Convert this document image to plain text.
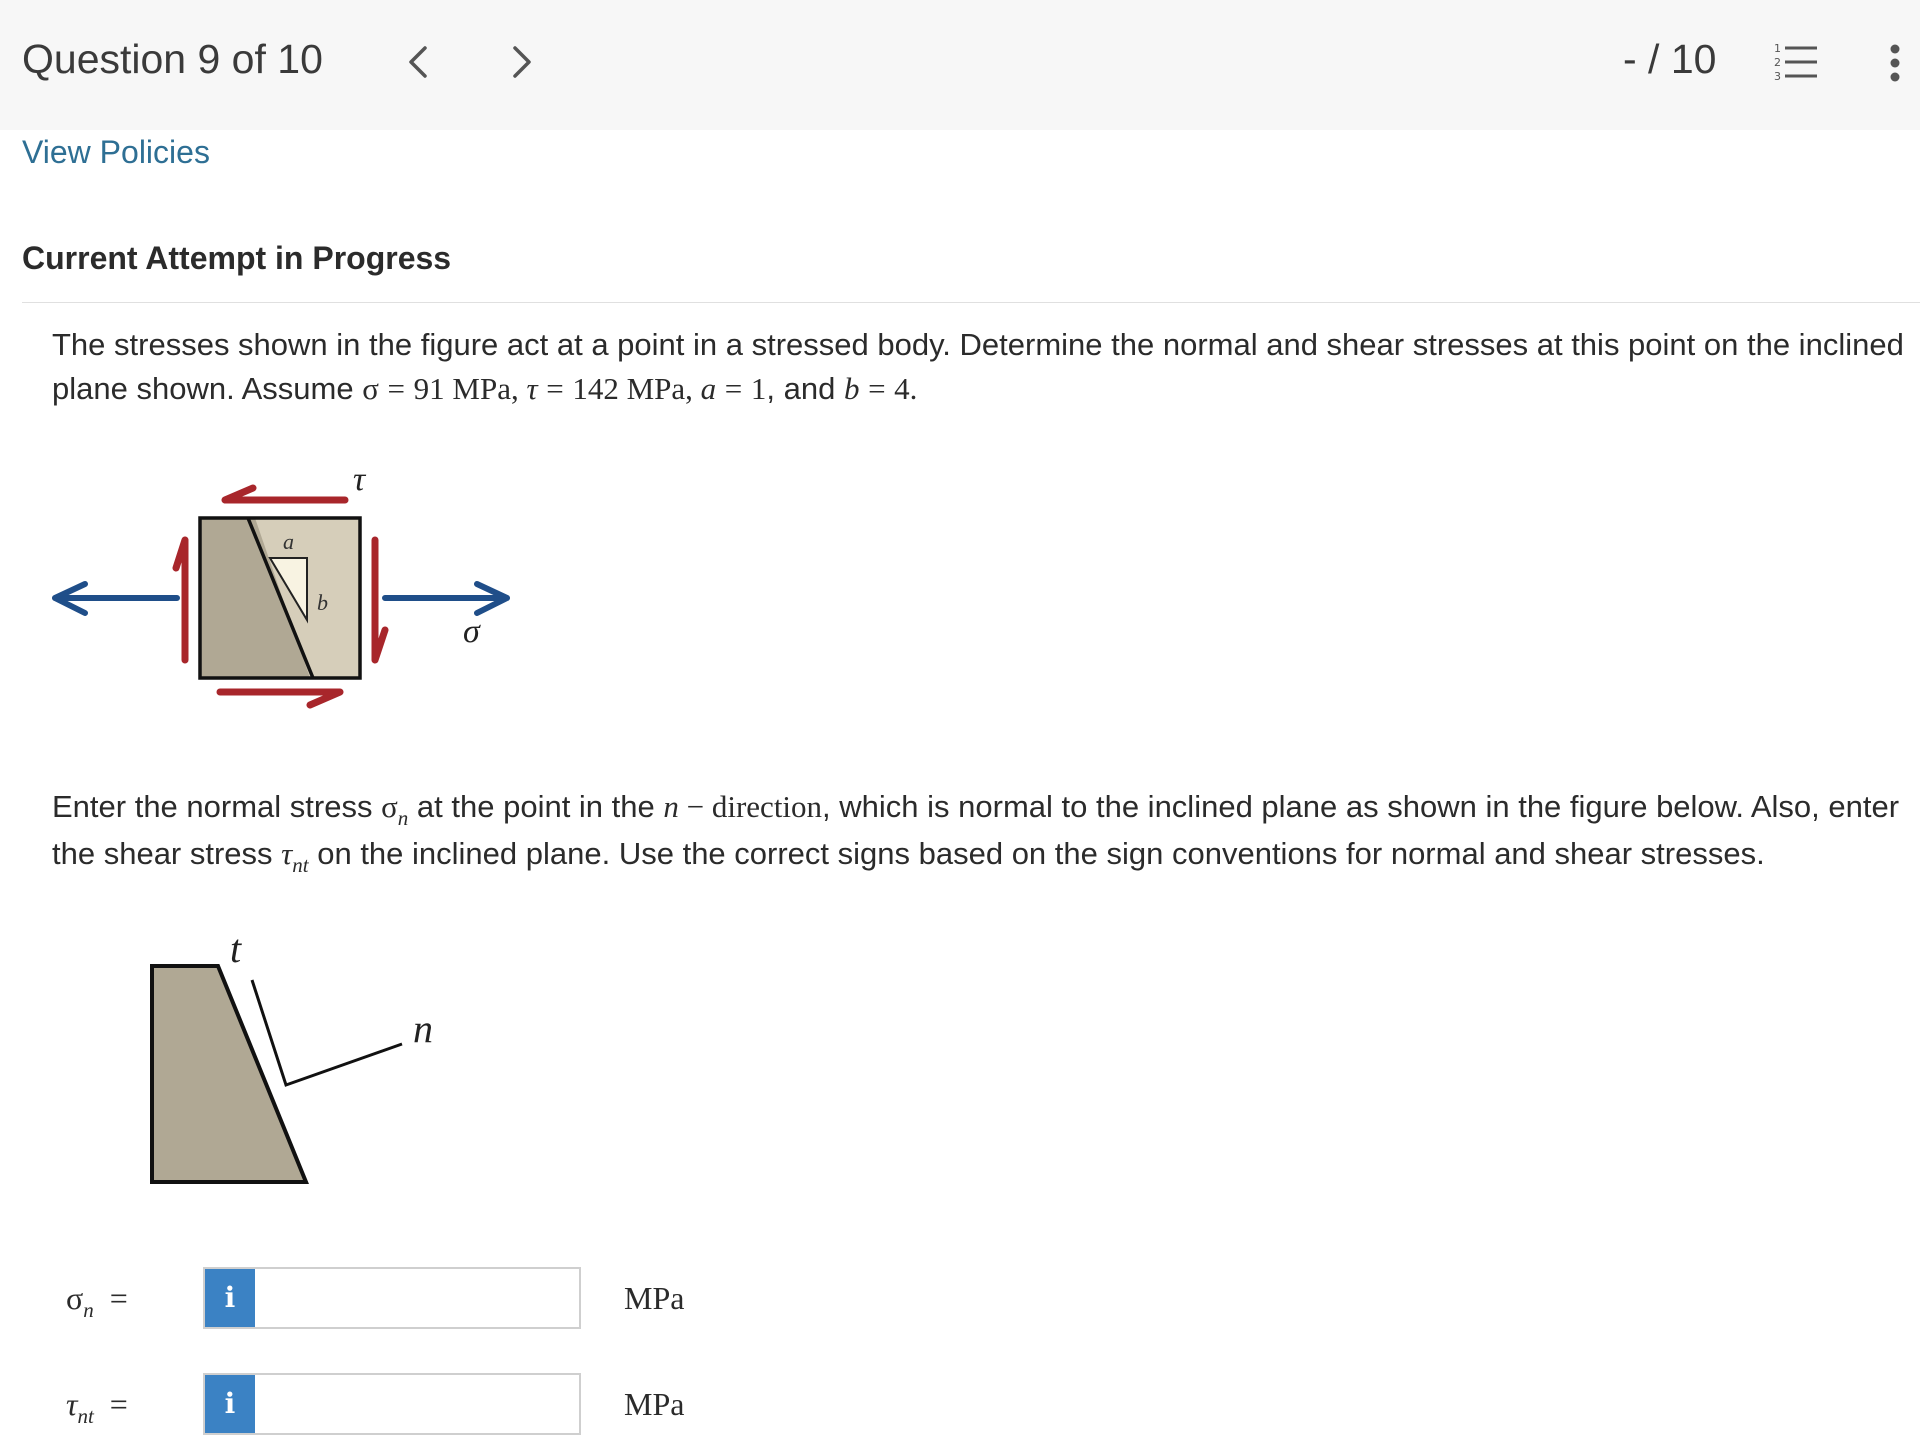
Question 9 of 10	- / 10	1
2
3
View Policies
Current Attempt in Progress
The stresses shown in the figure act at a point in a stressed body. Determine the normal and shear stresses at this point on the inclined plane shown. Assume σ = 91 MPa, τ = 142 MPa, a = 1, and b = 4.
a
b
τ
σ
Enter the normal stress $\sigma_n$ at the point in the n − direction, which is normal to the inclined plane as shown in the figure below. Also, enter the shear stress $\tau_{nt}$ on the inclined plane. Use the correct signs based on the sign conventions for normal and shear stresses.
t
n
$\sigma_n$ =	i	MPa
$\tau_{nt}$ =	i	MPa
